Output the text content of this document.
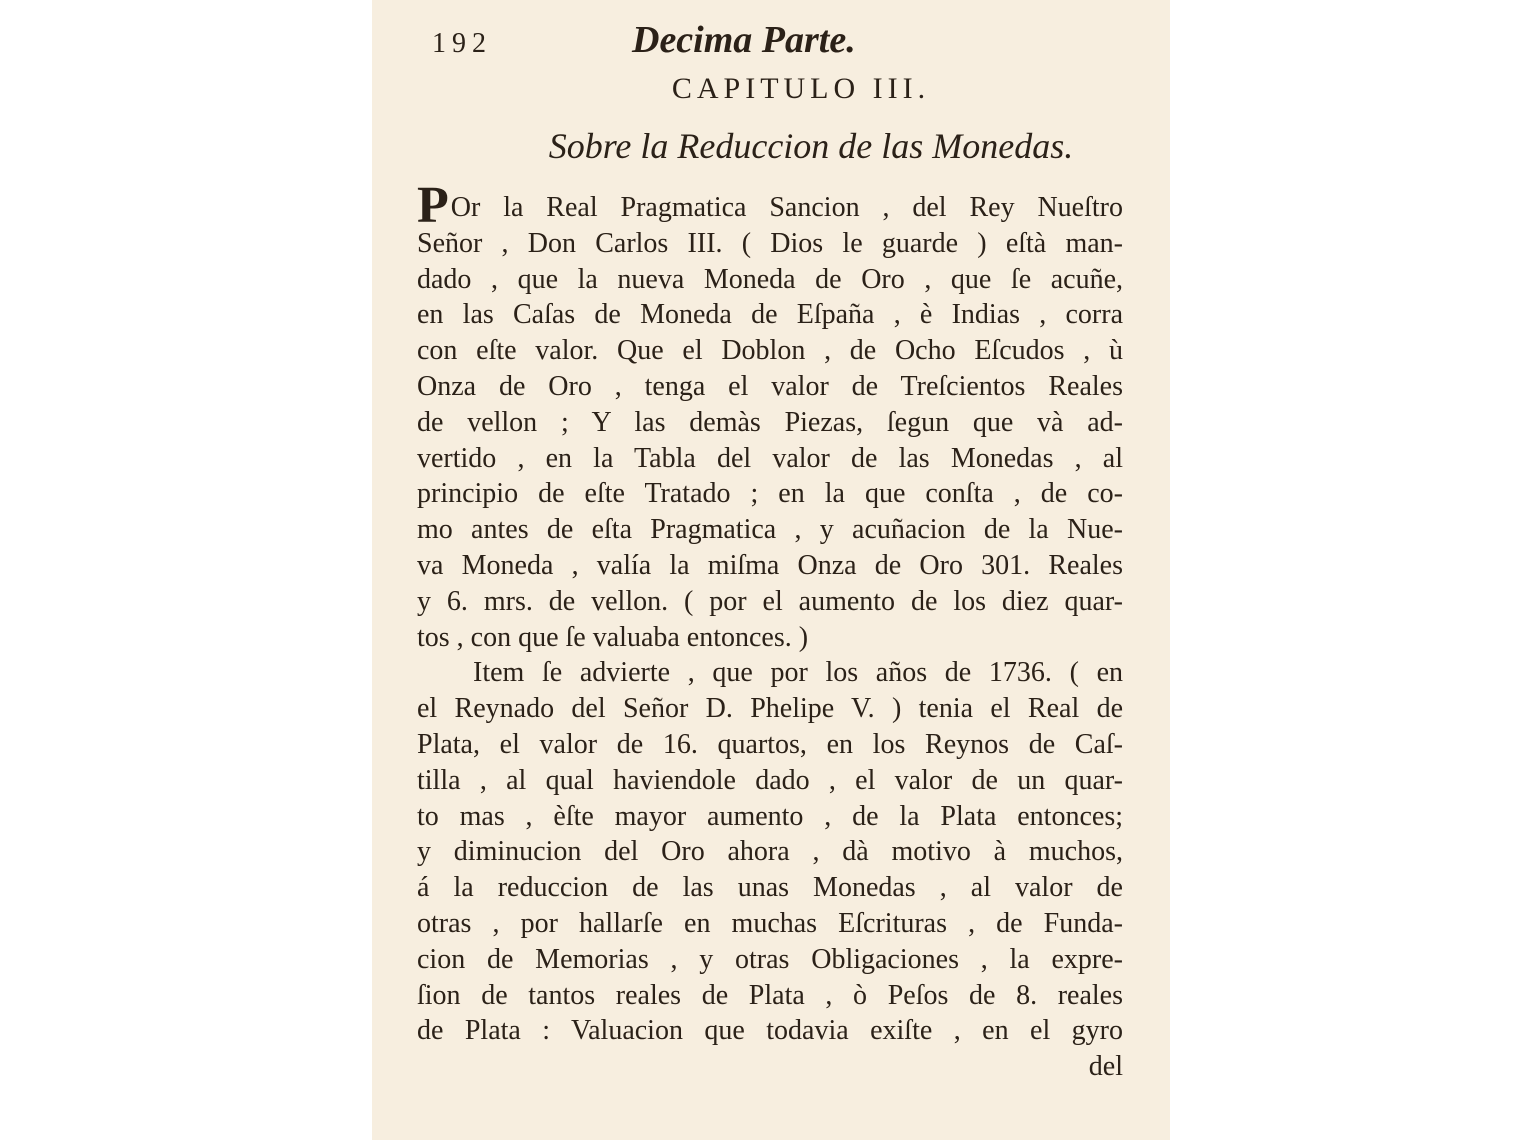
192	Decima Parte.
CAPITULO III.
Sobre la Reduccion de las Monedas.
POr la Real Pragmatica Sancion , del Rey Nueſtro
Señor , Don Carlos III. ( Dios le guarde ) eſtà man-
dado , que la nueva Moneda de Oro , que ſe acuñe,
en las Caſas de Moneda de Eſpaña , è Indias , corra
con eſte valor. Que el Doblon , de Ocho Eſcudos , ù
Onza de Oro , tenga el valor de Treſcientos Reales
de vellon ; Y las demàs Piezas, ſegun que và ad-
vertido , en la Tabla del valor de las Monedas , al
principio de eſte Tratado ; en la que conſta , de co-
mo antes de eſta Pragmatica , y acuñacion de la Nue-
va Moneda , valía la miſma Onza de Oro 301. Reales
y 6. mrs. de vellon. ( por el aumento de los diez quar-
tos , con que ſe valuaba entonces. )
Item ſe advierte , que por los años de 1736. ( en
el Reynado del Señor D. Phelipe V. ) tenia el Real de
Plata, el valor de 16. quartos, en los Reynos de Caſ-
tilla , al qual haviendole dado , el valor de un quar-
to mas , èſte mayor aumento , de la Plata entonces;
y diminucion del Oro ahora , dà motivo à muchos,
á la reduccion de las unas Monedas , al valor de
otras , por hallarſe en muchas Eſcrituras , de Funda-
cion de Memorias , y otras Obligaciones , la expre-
ſion de tantos reales de Plata , ò Peſos de 8. reales
de Plata : Valuacion que todavia exiſte , en el gyro
del
